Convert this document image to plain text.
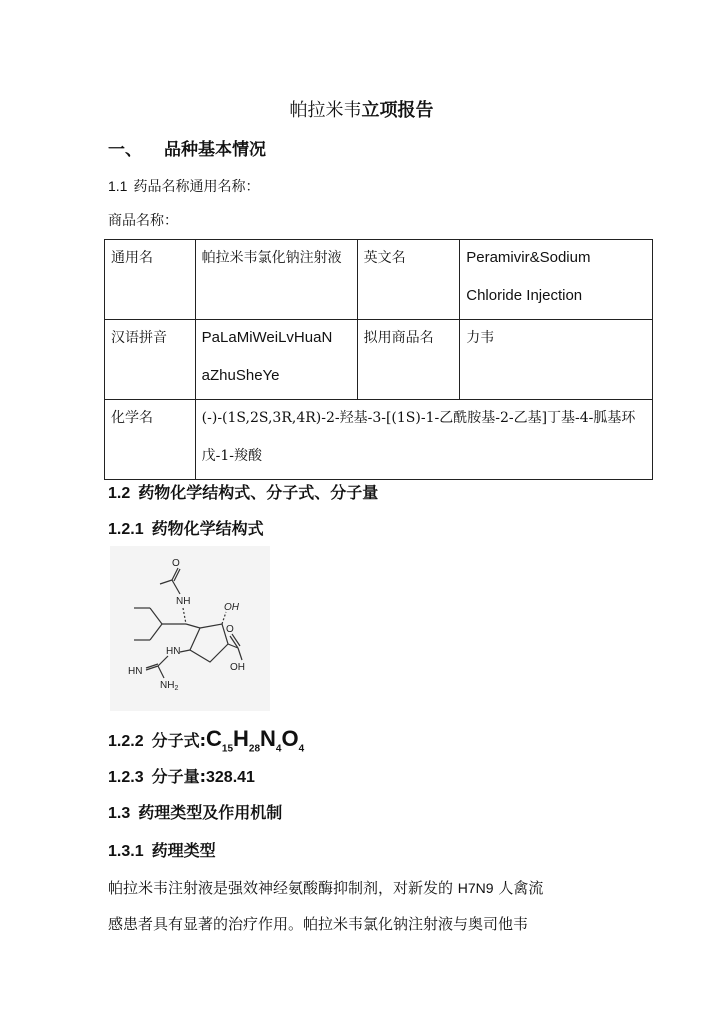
帕拉米韦立项报告
一、 品种基本情况
1.1 药品名称通用名称：
商品名称：
通用名	帕拉米韦氯化钠注射液	英文名	Peramivir&Sodium
Chloride Injection

汉语拼音	PaLaMiWeiLvHuaN
aZhuSheYe	拟用商品名	力韦

化学名	(-)-(1S,2S,3R,4R)-2-羟基-3-[(1S)-1-乙酰胺基-2-乙基]丁基-4-胍基环戊-1-羧酸		
1.2 药物化学结构式、分子式、分子量
1.2.1 药物化学结构式
O
NH
OH
HN
O
OH
HN
$NH_2$
1.2.2 分子式$:C_{15}H_{28}N_4O_4$
1.2.3 分子量:328.41
1.3 药理类型及作用机制
1.3.1 药理类型
帕拉米韦注射液是强效神经氨酸酶抑制剂，对新发的 H7N9 人禽流
感患者具有显著的治疗作用。帕拉米韦氯化钠注射液与奥司他韦
